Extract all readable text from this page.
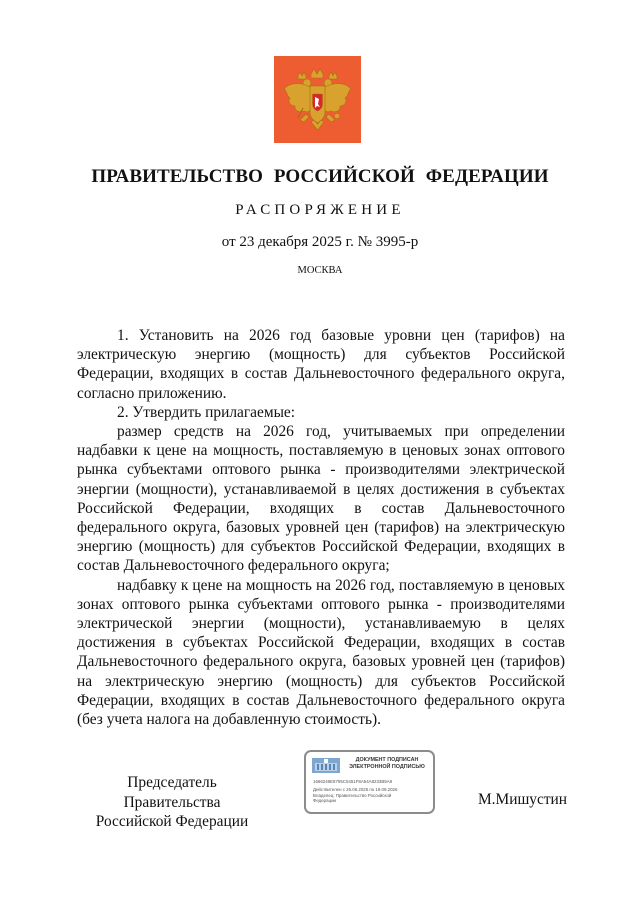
ПРАВИТЕЛЬСТВО РОССИЙСКОЙ ФЕДЕРАЦИИ
РАСПОРЯЖЕНИЕ
от 23 декабря 2025 г. № 3995-р
МОСКВА

1. Установить на 2026 год базовые уровни цен (тарифов) на электрическую энергию (мощность) для субъектов Российской Федерации, входящих в состав Дальневосточного федерального округа, согласно приложению.

2. Утвердить прилагаемые:

размер средств на 2026 год, учитываемых при определении надбавки к цене на мощность, поставляемую в ценовых зонах оптового рынка субъектами оптового рынка - производителями электрической энергии (мощности), устанавливаемой в целях достижения в субъектах Российской Федерации, входящих в состав Дальневосточного федерального округа, базовых уровней цен (тарифов) на электрическую энергию (мощность) для субъектов Российской Федерации, входящих в состав Дальневосточного федерального округа;

надбавку к цене на мощность на 2026 год, поставляемую в ценовых зонах оптового рынка субъектами оптового рынка - производителями электрической энергии (мощности), устанавливаемую в целях достижения в субъектах Российской Федерации, входящих в состав Дальневосточного федерального округа, базовых уровней цен (тарифов) на электрическую энергию (мощность) для субъектов Российской Федерации, входящих в состав Дальневосточного федерального округа (без учета налога на добавленную стоимость).

Председатель Правительства
Российской Федерации
ДОКУМЕНТ ПОДПИСАН ЭЛЕКТРОННОЙ ПОДПИСЬЮ
1666248E8795C5451F8A54A8233B9A9
Действителен с 26.06.2025 по 19.09.2026
Владелец: Правительство Российской
Федерации	М.Мишустин
